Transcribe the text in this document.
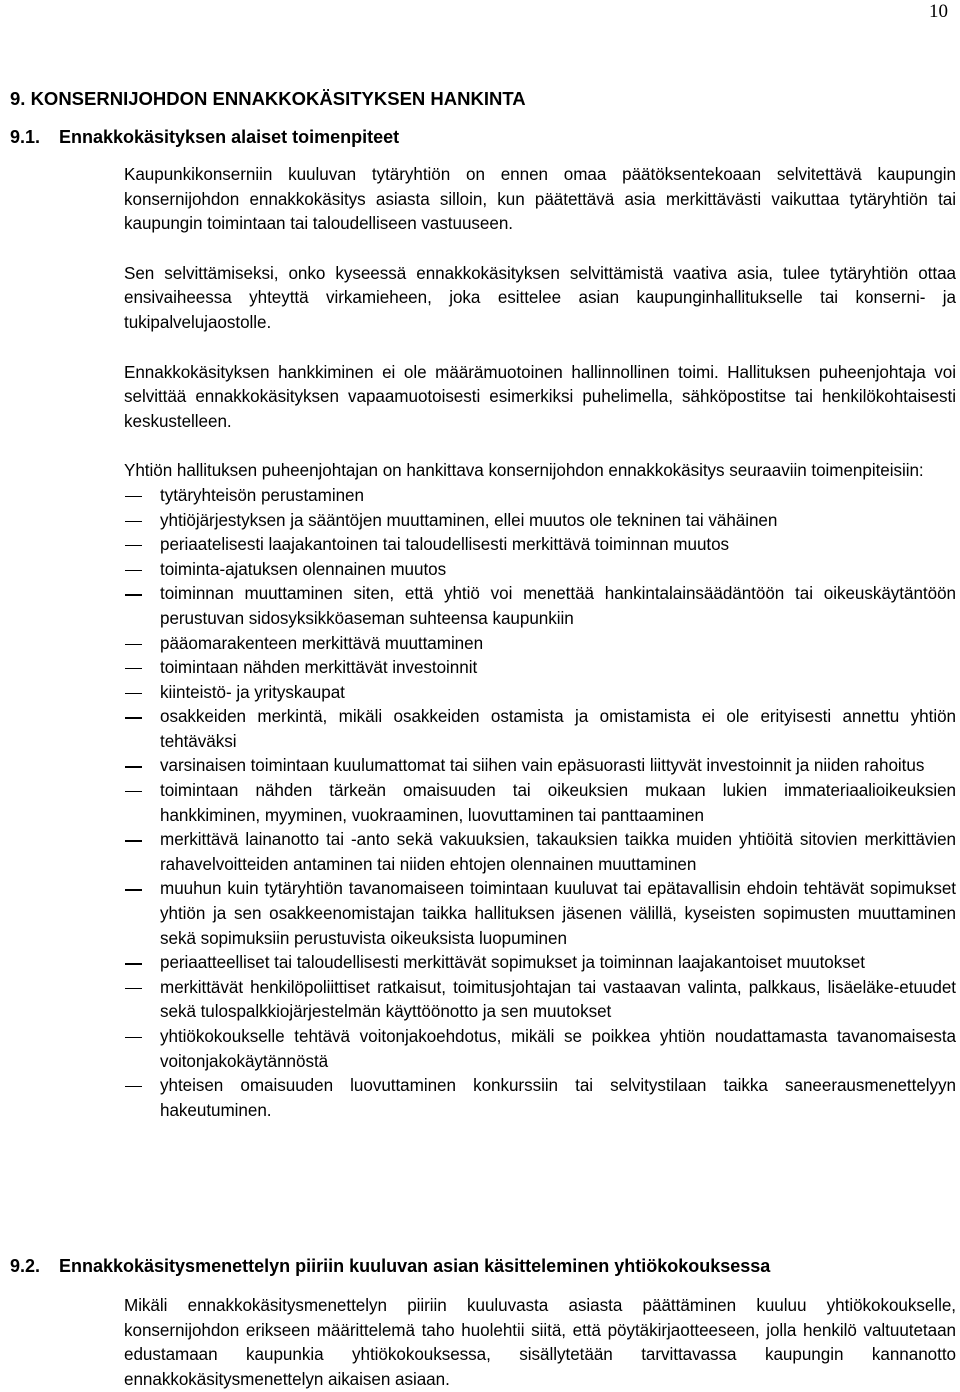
10
9. KONSERNIJOHDON ENNAKKOKÄSITYKSEN HANKINTA
9.1. Ennakkokäsityksen alaiset toimenpiteet

Kaupunkikonserniin kuuluvan tytäryhtiön on ennen omaa päätöksentekoaan selvitettävä kaupungin konsernijohdon ennakkokäsitys asiasta silloin, kun päätettävä asia merkittävästi vaikuttaa tytäryhtiön tai kaupungin toimintaan tai taloudelliseen vastuuseen.

Sen selvittämiseksi, onko kyseessä ennakkokäsityksen selvittämistä vaativa asia, tulee tytäryhtiön ottaa ensivaiheessa yhteyttä virkamieheen, joka esittelee asian kaupunginhallitukselle tai konserni- ja tukipalvelujaostolle.

Ennakkokäsityksen hankkiminen ei ole määrämuotoinen hallinnollinen toimi. Hallituksen puheenjohtaja voi selvittää ennakkokäsityksen vapaamuotoisesti esimerkiksi puhelimella, sähköpostitse tai henkilökohtaisesti keskustelleen.

Yhtiön hallituksen puheenjohtajan on hankittava konsernijohdon ennakkokäsitys seuraaviin toimenpiteisiin:

tytäryhteisön perustaminen
yhtiöjärjestyksen ja sääntöjen muuttaminen, ellei muutos ole tekninen tai vähäinen
periaatelisesti laajakantoinen tai taloudellisesti merkittävä toiminnan muutos
toiminta-ajatuksen olennainen muutos
toiminnan muuttaminen siten, että yhtiö voi menettää hankintalainsäädäntöön tai oikeuskäytäntöön perustuvan sidosyksikköaseman suhteensa kaupunkiin
pääomarakenteen merkittävä muuttaminen
toimintaan nähden merkittävät investoinnit
kiinteistö- ja yrityskaupat
osakkeiden merkintä, mikäli osakkeiden ostamista ja omistamista ei ole erityisesti annettu yhtiön tehtäväksi
varsinaisen toimintaan kuulumattomat tai siihen vain epäsuorasti liittyvät investoinnit ja niiden rahoitus
toimintaan nähden tärkeän omaisuuden tai oikeuksien mukaan lukien immateriaalioikeuksien hankkiminen, myyminen, vuokraaminen, luovuttaminen tai panttaaminen
merkittävä lainanotto tai -anto sekä vakuuksien, takauksien taikka muiden yhtiöitä sitovien merkittävien rahavelvoitteiden antaminen tai niiden ehtojen olennainen muuttaminen
muuhun kuin tytäryhtiön tavanomaiseen toimintaan kuuluvat tai epätavallisin ehdoin tehtävät sopimukset yhtiön ja sen osakkeenomistajan taikka hallituksen jäsenen välillä, kyseisten sopimusten muuttaminen sekä sopimuksiin perustuvista oikeuksista luopuminen
periaatteelliset tai taloudellisesti merkittävät sopimukset ja toiminnan laajakantoiset muutokset
merkittävät henkilöpoliittiset ratkaisut, toimitusjohtajan tai vastaavan valinta, palkkaus, lisäeläke-etuudet sekä tulospalkkiojärjestelmän käyttöönotto ja sen muutokset
yhtiökokoukselle tehtävä voitonjakoehdotus, mikäli se poikkea yhtiön noudattamasta tavanomaisesta voitonjakokäytännöstä
yhteisen omaisuuden luovuttaminen konkurssiin tai selvitystilaan taikka saneerausmenettelyyn hakeutuminen.
9.2. Ennakkokäsitysmenettelyn piiriin kuuluvan asian käsitteleminen yhtiökokouksessa

Mikäli ennakkokäsitysmenettelyn piiriin kuuluvasta asiasta päättäminen kuuluu yhtiökokoukselle, konsernijohdon erikseen määrittelemä taho huolehtii siitä, että pöytäkirjaotteeseen, jolla henkilö valtuutetaan edustamaan kaupunkia yhtiökokouksessa, sisällytetään tarvittavassa kaupungin kannanotto ennakkokäsitysmenettelyn aikaisen asiaan.
